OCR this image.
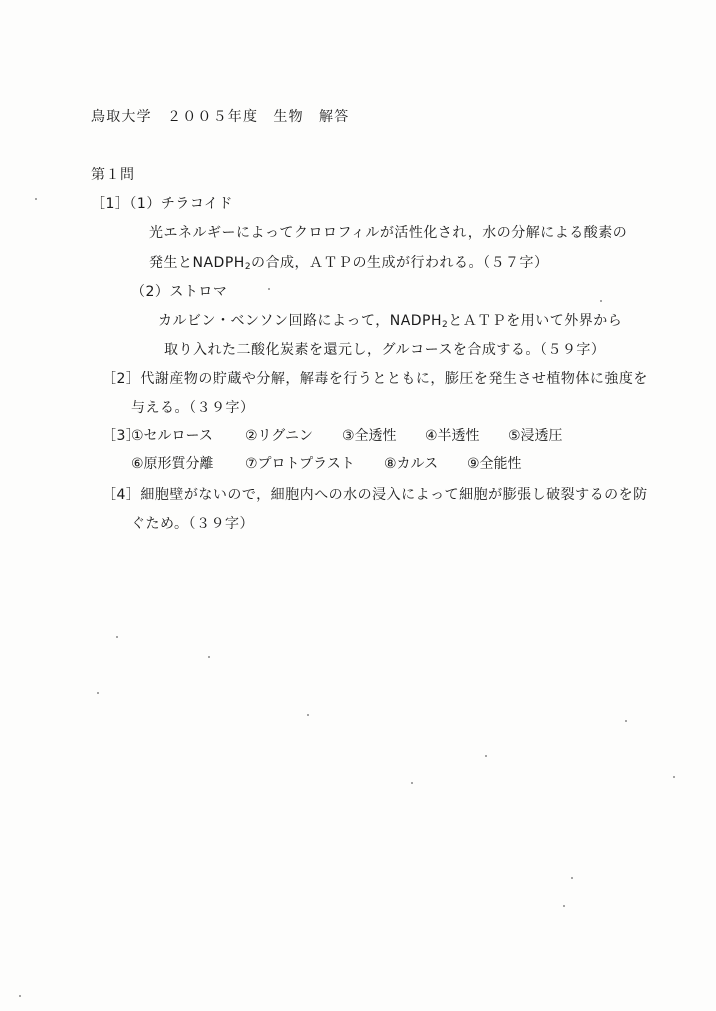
鳥取大学　２００５年度　生物　解答
第１問
［1］（1）チラコイド
光エネルギーによってクロロフィルが活性化され，水の分解による酸素の
発生と$NADPH_2$の合成，ＡＴＰの生成が行われる。（５７字）
（2）ストロマ
カルビン・ベンソン回路によって，$NADPH_2$とＡＴＰを用いて外界から
取り入れた二酸化炭素を還元し，グルコースを合成する。（５９字）
［2］代謝産物の貯蔵や分解，解毒を行うとともに，膨圧を発生させ植物体に強度を
与える。（３９字）
［3］
①セルロース ②リグニン ③全透性 ④半透性 ⑤浸透圧
⑥原形質分離 ⑦プロトプラスト ⑧カルス ⑨全能性
［4］細胞壁がないので，細胞内への水の浸入によって細胞が膨張し破裂するのを防
ぐため。（３９字）
